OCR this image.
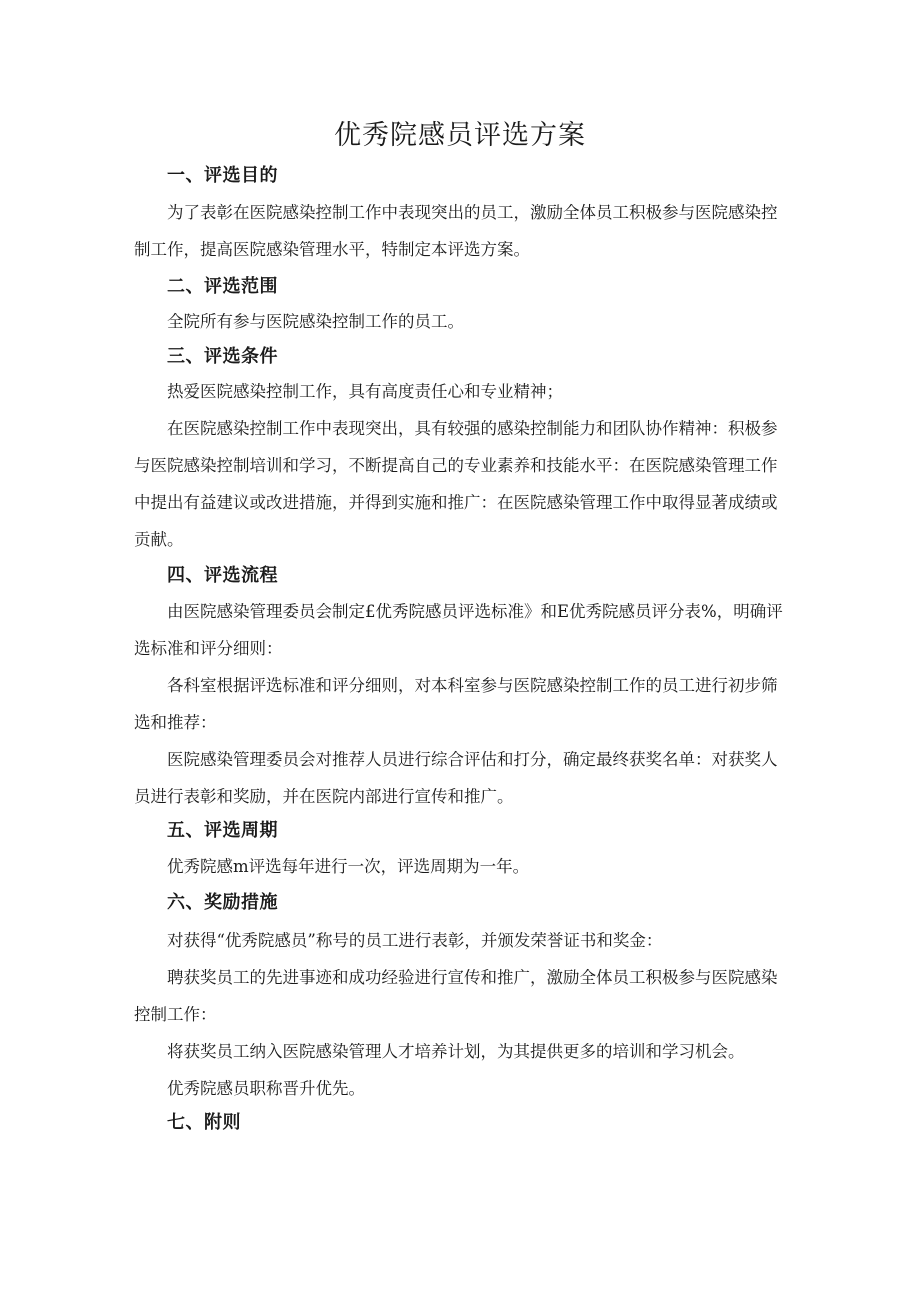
优秀院感员评选方案
一、评选目的
为了表彰在医院感染控制工作中表现突出的员工，激励全体员工积极参与医院感染控制工作，提高医院感染管理水平，特制定本评选方案。
二、评选范围
全院所有参与医院感染控制工作的员工。
三、评选条件
热爱医院感染控制工作，具有高度责任心和专业精神；
在医院感染控制工作中表现突出，具有较强的感染控制能力和团队协作精神：积极参与医院感染控制培训和学习，不断提高自己的专业素养和技能水平：在医院感染管理工作中提出有益建议或改进措施，并得到实施和推广：在医院感染管理工作中取得显著成绩或贡献。
四、评选流程
由医院感染管理委员会制定£优秀院感员评选标准》和E优秀院感员评分表%，明确评选标准和评分细则：
各科室根据评选标准和评分细则，对本科室参与医院感染控制工作的员工进行初步筛选和推荐：
医院感染管理委员会对推荐人员进行综合评估和打分，确定最终获奖名单：对获奖人员进行表彰和奖励，并在医院内部进行宣传和推广。
五、评选周期
优秀院感m评选每年进行一次，评选周期为一年。
六、奖励措施
对获得“优秀院感员”称号的员工进行表彰，并颁发荣誉证书和奖金：
聘获奖员工的先进事迹和成功经验进行宣传和推广，激励全体员工积极参与医院感染控制工作：
将获奖员工纳入医院感染管理人才培养计划，为其提供更多的培训和学习机会。
优秀院感员职称晋升优先。
七、附则
